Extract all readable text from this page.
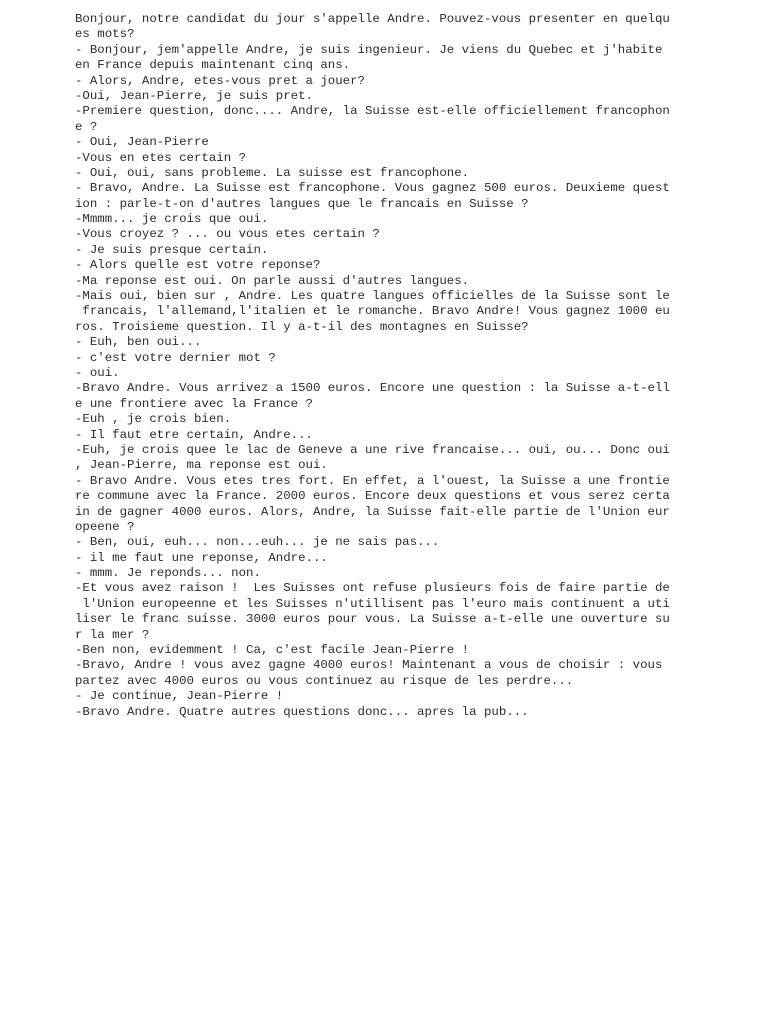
Bonjour, notre candidat du jour s'appelle Andre. Pouvez-vous presenter en quelqu
es mots?
- Bonjour, jem'appelle Andre, je suis ingenieur. Je viens du Quebec et j'habite
en France depuis maintenant cinq ans.
- Alors, Andre, etes-vous pret a jouer?
-Oui, Jean-Pierre, je suis pret.
-Premiere question, donc.... Andre, la Suisse est-elle officiellement francophon
e ?
- Oui, Jean-Pierre
-Vous en etes certain ?
- Oui, oui, sans probleme. La suisse est francophone.
- Bravo, Andre. La Suisse est francophone. Vous gagnez 500 euros. Deuxieme quest
ion : parle-t-on d'autres langues que le francais en Suisse ?
-Mmmm... je crois que oui.
-Vous croyez ? ... ou vous etes certain ?
- Je suis presque certain.
- Alors quelle est votre reponse?
-Ma reponse est oui. On parle aussi d'autres langues.
-Mais oui, bien sur , Andre. Les quatre langues officielles de la Suisse sont le
francais, l'allemand,l'italien et le romanche. Bravo Andre! Vous gagnez 1000 eu
ros. Troisieme question. Il y a-t-il des montagnes en Suisse?
- Euh, ben oui...
- c'est votre dernier mot ?
- oui.
-Bravo Andre. Vous arrivez a 1500 euros. Encore une question : la Suisse a-t-ell
e une frontiere avec la France ?
-Euh , je crois bien.
- Il faut etre certain, Andre...
-Euh, je crois quee le lac de Geneve a une rive francaise... oui, ou... Donc oui
, Jean-Pierre, ma reponse est oui.
- Bravo Andre. Vous etes tres fort. En effet, a l'ouest, la Suisse a une frontie
re commune avec la France. 2000 euros. Encore deux questions et vous serez certa
in de gagner 4000 euros. Alors, Andre, la Suisse fait-elle partie de l'Union eur
opeene ?
- Ben, oui, euh... non...euh... je ne sais pas...
- il me faut une reponse, Andre...
- mmm. Je reponds... non.
-Et vous avez raison !  Les Suisses ont refuse plusieurs fois de faire partie de
l'Union europeenne et les Suisses n'utillisent pas l'euro mais continuent a uti
liser le franc suisse. 3000 euros pour vous. La Suisse a-t-elle une ouverture su
r la mer ?
-Ben non, evidemment ! Ca, c'est facile Jean-Pierre !
-Bravo, Andre ! vous avez gagne 4000 euros! Maintenant a vous de choisir : vous
partez avec 4000 euros ou vous continuez au risque de les perdre...
- Je continue, Jean-Pierre !
-Bravo Andre. Quatre autres questions donc... apres la pub...
